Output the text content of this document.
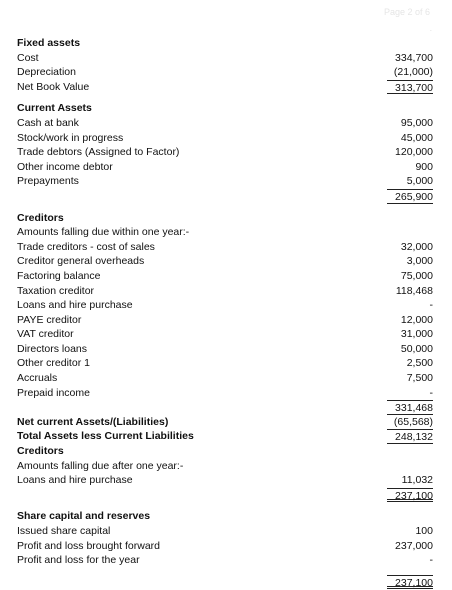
Page 2 of 6
.
Fixed assets
Cost	334,700
Depreciation	(21,000)
Net Book Value	313,700
Current Assets
Cash at bank	95,000
Stock/work in progress	45,000
Trade debtors (Assigned to Factor)	120,000
Other income debtor	900
Prepayments	5,000
265,900
Creditors
Amounts falling due within one year:-
Trade creditors - cost of sales	32,000
Creditor general overheads	3,000
Factoring balance	75,000
Taxation creditor	118,468
Loans and hire purchase	-
PAYE creditor	12,000
VAT creditor	31,000
Directors loans	50,000
Other creditor 1	2,500
Accruals	7,500
Prepaid income	-
331,468
Net current Assets/(Liabilities)	(65,568)
Total Assets less Current Liabilities	248,132
Creditors
Amounts falling due after one year:-
Loans and hire purchase	11,032
237,100
Share capital and reserves
Issued share capital	100
Profit and loss brought forward	237,000
Profit and loss for the year	-
237,100
